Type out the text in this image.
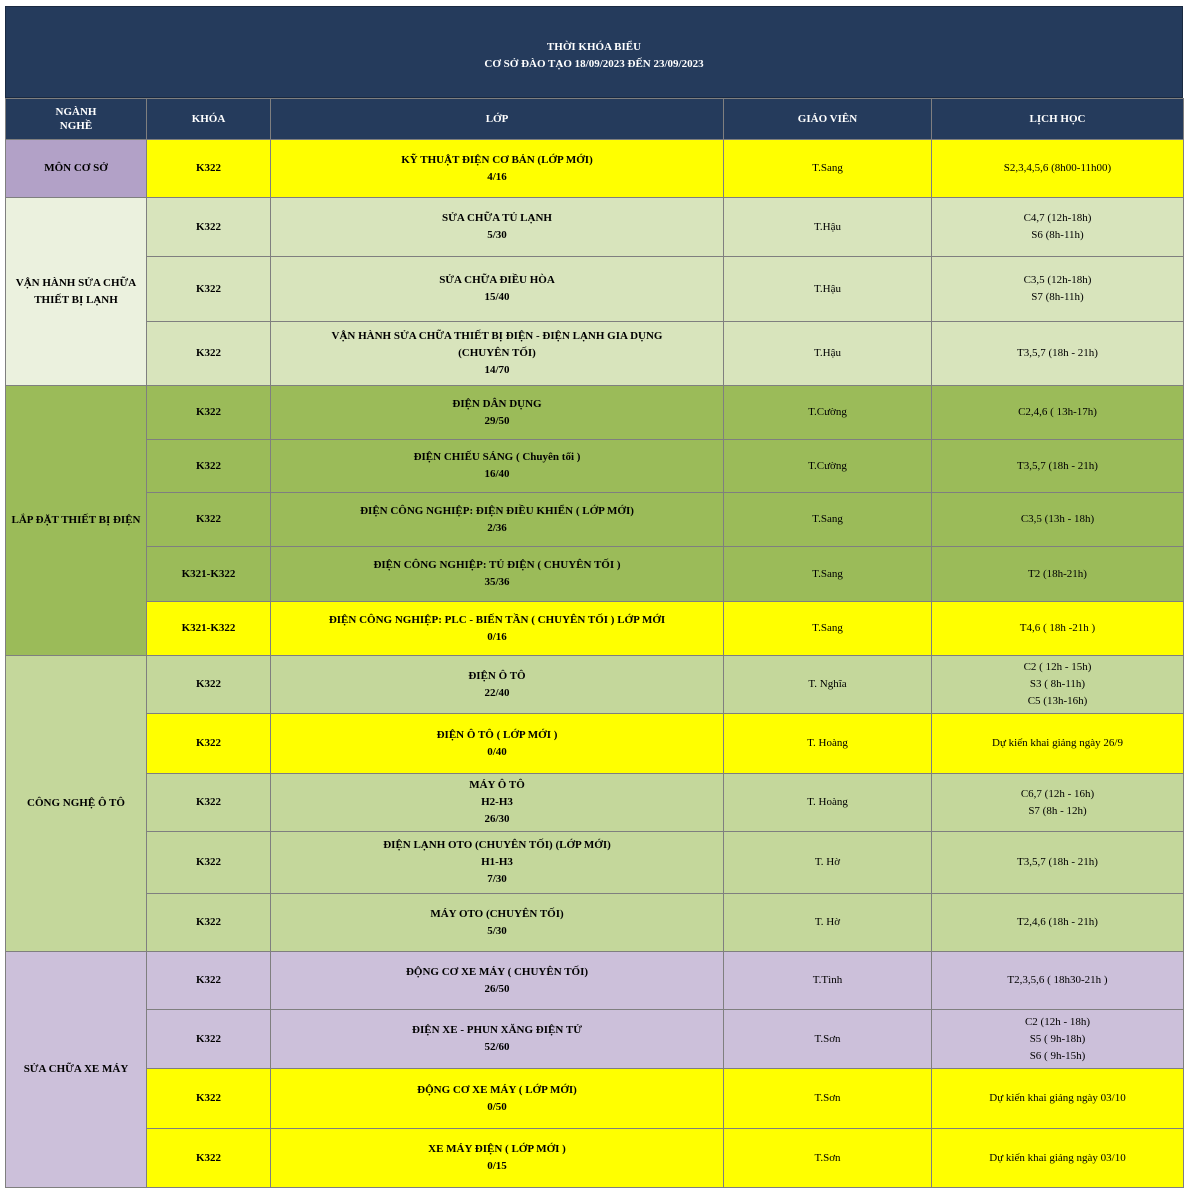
THỜI KHÓA BIỂU
CƠ SỞ ĐÀO TẠO 18/09/2023 ĐẾN 23/09/2023
NGÀNH
NGHỀ	KHÓA	LỚP	GIÁO VIÊN	LỊCH HỌC
MÔN CƠ SỞ	K322	KỸ THUẬT ĐIỆN CƠ BẢN (LỚP MỚI)
4/16	T.Sang	S2,3,4,5,6 (8h00-11h00)
VẬN HÀNH SỬA CHỮA THIẾT BỊ LẠNH	K322	SỬA CHỮA TỦ LẠNH
5/30	T.Hậu	C4,7 (12h-18h)
S6 (8h-11h)
	K322	SỬA CHỮA ĐIỀU HÒA
15/40	T.Hậu	C3,5 (12h-18h)
S7 (8h-11h)
	K322	VẬN HÀNH SỬA CHỮA THIẾT BỊ ĐIỆN - ĐIỆN LẠNH GIA DỤNG
(CHUYÊN TỐI)
14/70	T.Hậu	T3,5,7 (18h - 21h)
LẮP ĐẶT THIẾT BỊ ĐIỆN	K322	ĐIỆN DÂN DỤNG
29/50	T.Cường	C2,4,6 ( 13h-17h)
	K322	ĐIỆN CHIẾU SÁNG ( Chuyên tối )
16/40	T.Cường	T3,5,7 (18h - 21h)
	K322	ĐIỆN CÔNG NGHIỆP: ĐIỆN ĐIỀU KHIỂN ( LỚP MỚI)
2/36	T.Sang	C3,5 (13h - 18h)
	K321-K322	ĐIỆN CÔNG NGHIỆP: TỦ ĐIỆN ( CHUYÊN TỐI )
35/36	T.Sang	T2 (18h-21h)
	K321-K322	ĐIỆN CÔNG NGHIỆP: PLC - BIẾN TẦN ( CHUYÊN TỐI ) LỚP MỚI
0/16	T.Sang	T4,6 ( 18h -21h )
CÔNG NGHỆ Ô TÔ	K322	ĐIỆN Ô TÔ
22/40	T. Nghĩa	C2 ( 12h - 15h)
S3 ( 8h-11h)
C5 (13h-16h)
	K322	ĐIỆN Ô TÔ ( LỚP MỚI )
0/40	T. Hoàng	Dự kiến khai giảng ngày 26/9
	K322	MÁY Ô TÔ
H2-H3
26/30	T. Hoàng	C6,7 (12h - 16h)
S7 (8h - 12h)
	K322	ĐIỆN LẠNH OTO (CHUYÊN TỐI) (LỚP MỚI)
H1-H3
7/30	T. Hờ	T3,5,7 (18h - 21h)
	K322	MÁY OTO (CHUYÊN TỐI)
5/30	T. Hờ	T2,4,6 (18h - 21h)
SỬA CHỮA XE MÁY	K322	ĐỘNG CƠ XE MÁY ( CHUYÊN TỐI)
26/50	T.Tình	T2,3,5,6 ( 18h30-21h )
	K322	ĐIỆN XE - PHUN XĂNG ĐIỆN TỬ
52/60	T.Sơn	C2 (12h - 18h)
S5 ( 9h-18h)
S6 ( 9h-15h)
	K322	ĐỘNG CƠ XE MÁY ( LỚP MỚI)
0/50	T.Sơn	Dự kiến khai giảng ngày 03/10
	K322	XE MÁY ĐIỆN ( LỚP MỚI )
0/15	T.Sơn	Dự kiến khai giảng ngày 03/10
